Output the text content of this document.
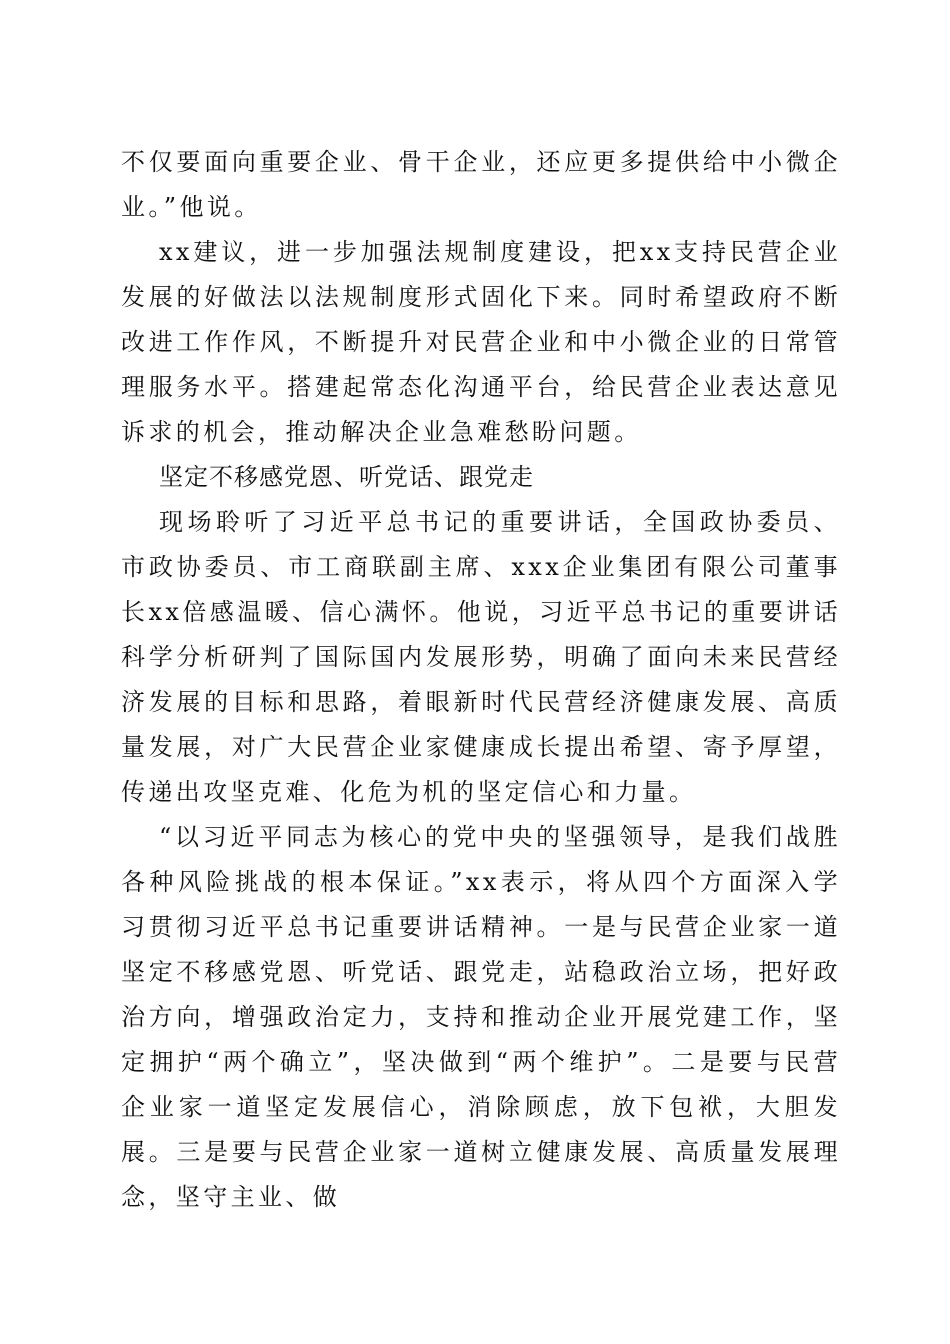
不仅要面向重要企业、骨干企业，还应更多提供给中小微企业。”他说。

xx建议，进一步加强法规制度建设，把xx支持民营企业发展的好做法以法规制度形式固化下来。同时希望政府不断改进工作作风，不断提升对民营企业和中小微企业的日常管理服务水平。搭建起常态化沟通平台，给民营企业表达意见诉求的机会，推动解决企业急难愁盼问题。

坚定不移感党恩、听党话、跟党走

现场聆听了习近平总书记的重要讲话，全国政协委员、市政协委员、市工商联副主席、xxx企业集团有限公司董事长xx倍感温暖、信心满怀。他说，习近平总书记的重要讲话科学分析研判了国际国内发展形势，明确了面向未来民营经济发展的目标和思路，着眼新时代民营经济健康发展、高质量发展，对广大民营企业家健康成长提出希望、寄予厚望，传递出攻坚克难、化危为机的坚定信心和力量。

“以习近平同志为核心的党中央的坚强领导，是我们战胜各种风险挑战的根本保证。”xx表示，将从四个方面深入学习贯彻习近平总书记重要讲话精神。一是与民营企业家一道坚定不移感党恩、听党话、跟党走，站稳政治立场，把好政治方向，增强政治定力，支持和推动企业开展党建工作，坚定拥护“两个确立”，坚决做到“两个维护”。二是要与民营企业家一道坚定发展信心，消除顾虑，放下包袱，大胆发展。三是要与民营企业家一道树立健康发展、高质量发展理念，坚守主业、做
